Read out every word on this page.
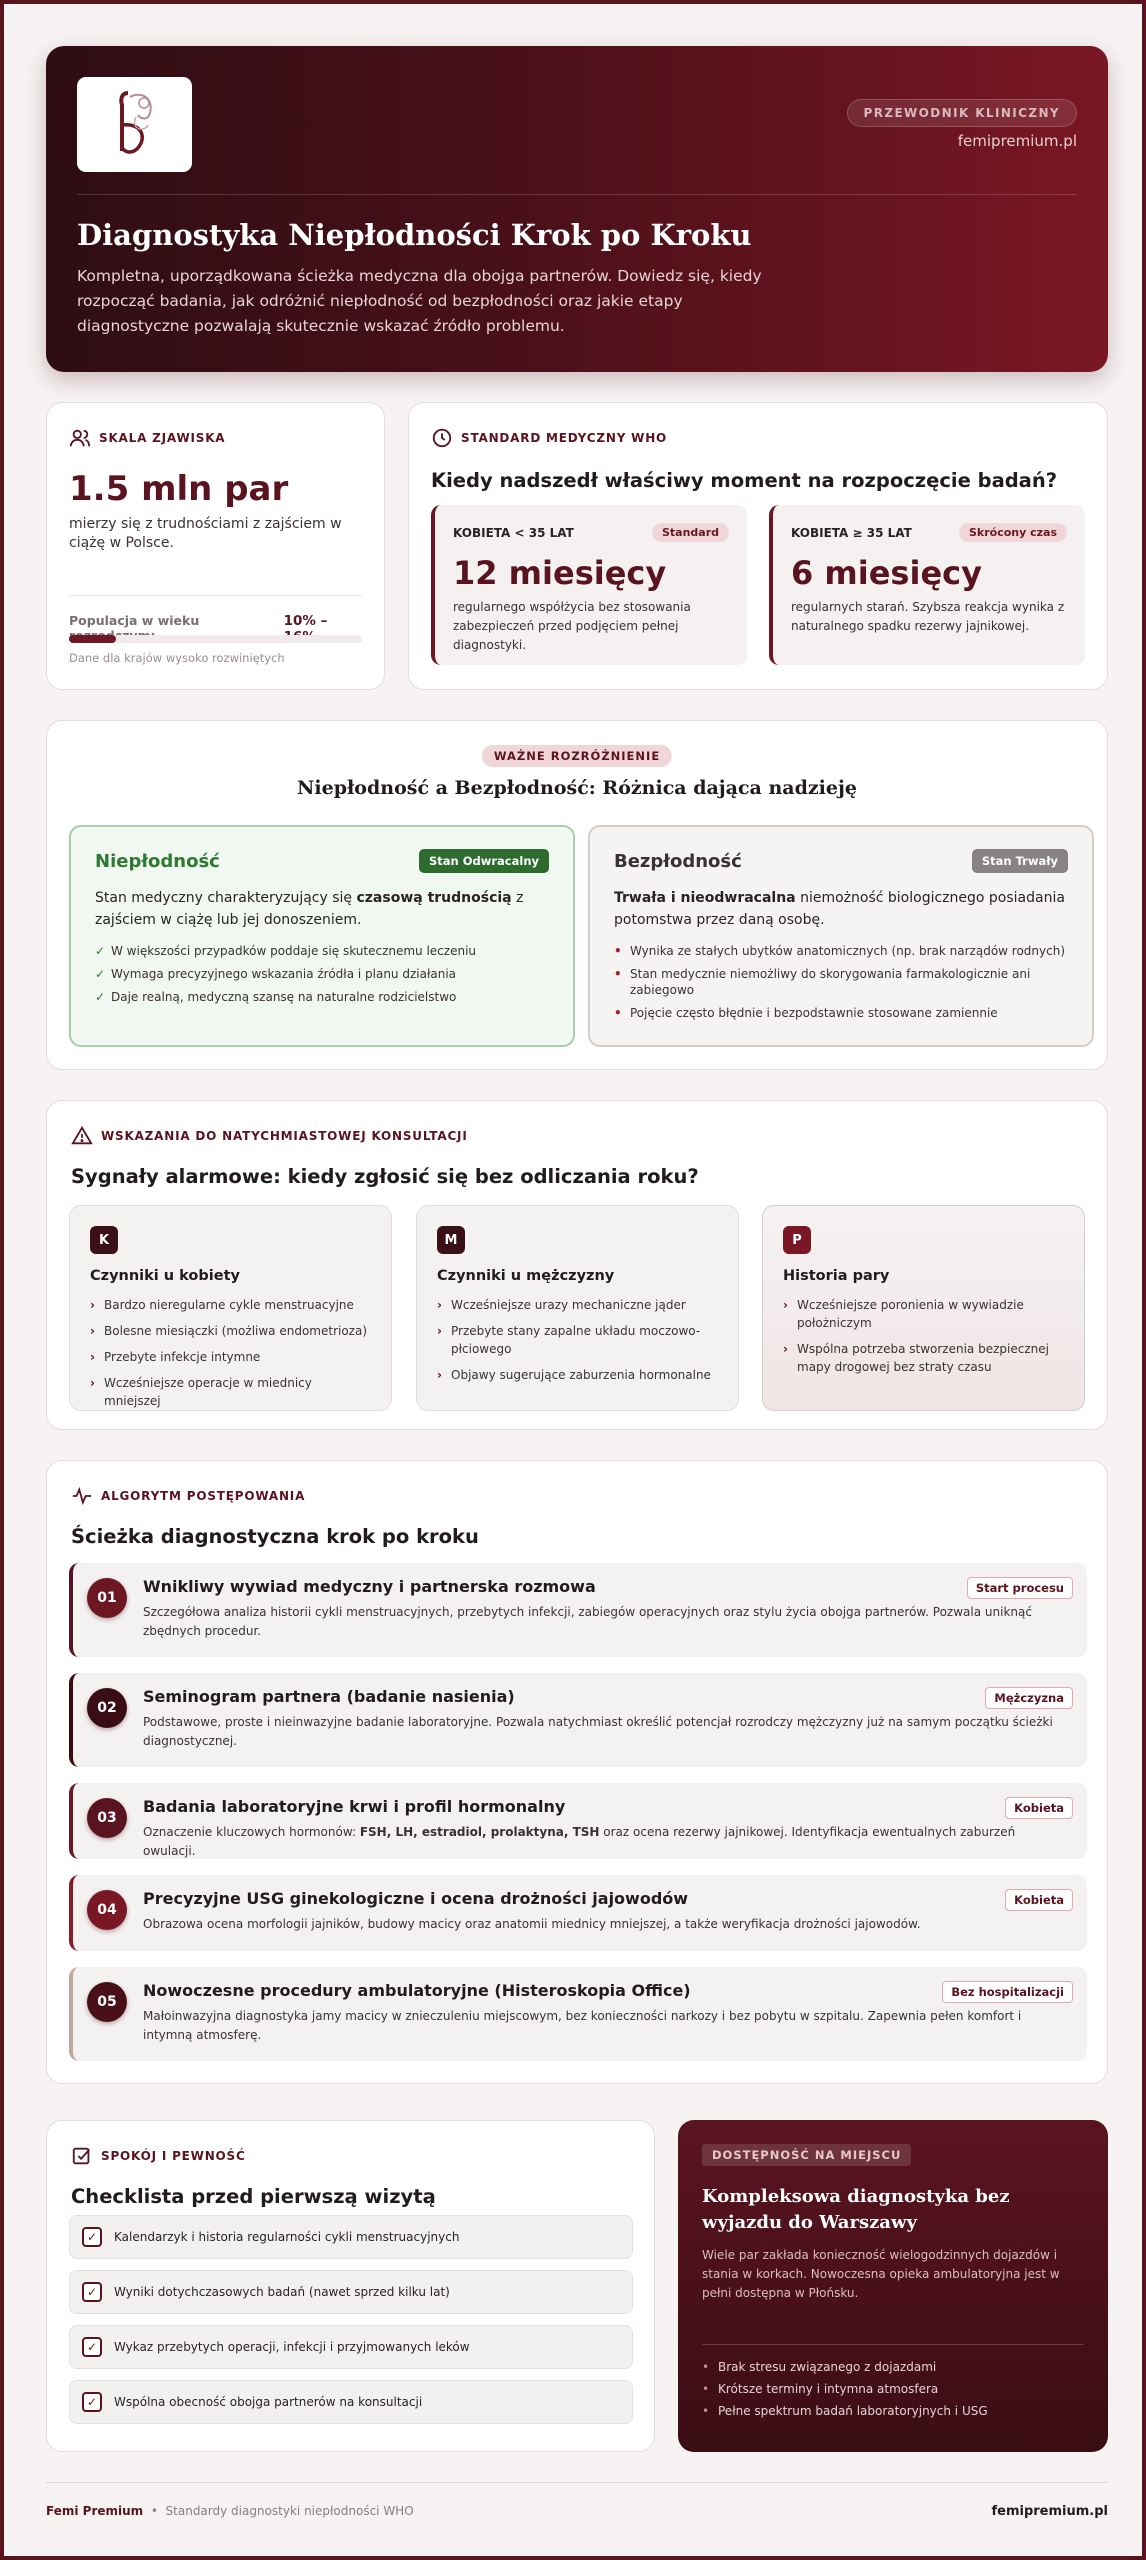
PRZEWODNIK KLINICZNY
femipremium.pl
Diagnostyka Niepłodności Krok po Kroku
Kompletna, uporządkowana ścieżka medyczna dla obojga partnerów. Dowiedz się, kiedy rozpocząć badania, jak odróżnić niepłodność od bezpłodności oraz jakie etapy diagnostyczne pozwalają skutecznie wskazać źródło problemu.
SKALA ZJAWISKA
1.5 mln par
mierzy się z trudnościami z zajściem w ciążę w Polsce.
Populacja w wieku	10% –
Dane dla krajów wysoko rozwiniętych
STANDARD MEDYCZNY WHO
Kiedy nadszedł właściwy moment na rozpoczęcie badań?
KOBIETA < 35 LAT	Standard
12 miesięcy
regularnego współżycia bez stosowania zabezpieczeń przed podjęciem pełnej diagnostyki.
KOBIETA ≥ 35 LAT	Skrócony czas
6 miesięcy
regularnych starań. Szybsza reakcja wynika z naturalnego spadku rezerwy jajnikowej.
WAŻNE ROZRÓŻNIENIE
Niepłodność a Bezpłodność: Różnica dająca nadzieję
Niepłodność	Stan Odwracalny
Stan medyczny charakteryzujący się czasową trudnością z zajściem w ciążę lub jej donoszeniem.
✓ W większości przypadków poddaje się skutecznemu leczeniu
✓ Wymaga precyzyjnego wskazania źródła i planu działania
✓ Daje realną, medyczną szansę na naturalne rodzicielstwo
Bezpłodność	Stan Trwały
Trwała i nieodwracalna niemożność biologicznego posiadania potomstwa przez daną osobę.
• Wynika ze stałych ubytków anatomicznych (np. brak narządów rodnych)
• Stan medycznie niemożliwy do skorygowania farmakologicznie ani zabiegowo
• Pojęcie często błędnie i bezpodstawnie stosowane zamiennie
WSKAZANIA DO NATYCHMIASTOWEJ KONSULTACJI
Sygnały alarmowe: kiedy zgłosić się bez odliczania roku?
K
Czynniki u kobiety
› Bardzo nieregularne cykle menstruacyjne
› Bolesne miesiączki (możliwa endometrioza)
› Przebyte infekcje intymne
› Wcześniejsze operacje w miednicy mniejszej
M
Czynniki u mężczyzny
› Wcześniejsze urazy mechaniczne jąder
› Przebyte stany zapalne układu moczowo-płciowego
› Objawy sugerujące zaburzenia hormonalne
P
Historia pary
› Wcześniejsze poronienia w wywiadzie położniczym
› Wspólna potrzeba stworzenia bezpiecznej mapy drogowej bez straty czasu
ALGORYTM POSTĘPOWANIA
Ścieżka diagnostyczna krok po kroku
01
Wnikliwy wywiad medyczny i partnerska rozmowa	Start procesu
Szczegółowa analiza historii cykli menstruacyjnych, przebytych infekcji, zabiegów operacyjnych oraz stylu życia obojga partnerów. Pozwala uniknąć zbędnych procedur.
02
Seminogram partnera (badanie nasienia)	Mężczyzna
Podstawowe, proste i nieinwazyjne badanie laboratoryjne. Pozwala natychmiast określić potencjał rozrodczy mężczyzny już na samym początku ścieżki diagnostycznej.
03
Badania laboratoryjne krwi i profil hormonalny	Kobieta
Oznaczenie kluczowych hormonów: FSH, LH, estradiol, prolaktyna, TSH oraz ocena rezerwy jajnikowej. Identyfikacja ewentualnych zaburzeń owulacji.
04
Precyzyjne USG ginekologiczne i ocena drożności jajowodów	Kobieta
Obrazowa ocena morfologii jajników, budowy macicy oraz anatomii miednicy mniejszej, a także weryfikacja drożności jajowodów.
05
Nowoczesne procedury ambulatoryjne (Histeroskopia Office)	Bez hospitalizacji
Małoinwazyjna diagnostyka jamy macicy w znieczuleniu miejscowym, bez konieczności narkozy i bez pobytu w szpitalu. Zapewnia pełen komfort i intymną atmosferę.
SPOKÓJ I PEWNOŚĆ
Checklista przed pierwszą wizytą
✓	Kalendarzyk i historia regularności cykli menstruacyjnych
✓	Wyniki dotychczasowych badań (nawet sprzed kilku lat)
✓	Wykaz przebytych operacji, infekcji i przyjmowanych leków
✓	Wspólna obecność obojga partnerów na konsultacji
DOSTĘPNOŚĆ NA MIEJSCU
Kompleksowa diagnostyka bez wyjazdu do Warszawy
Wiele par zakłada konieczność wielogodzinnych dojazdów i stania w korkach. Nowoczesna opieka ambulatoryjna jest w pełni dostępna w Płońsku.
• Brak stresu związanego z dojazdami
• Krótsze terminy i intymna atmosfera
• Pełne spektrum badań laboratoryjnych i USG
Femi Premium • Standardy diagnostyki niepłodności WHO	femipremium.pl
